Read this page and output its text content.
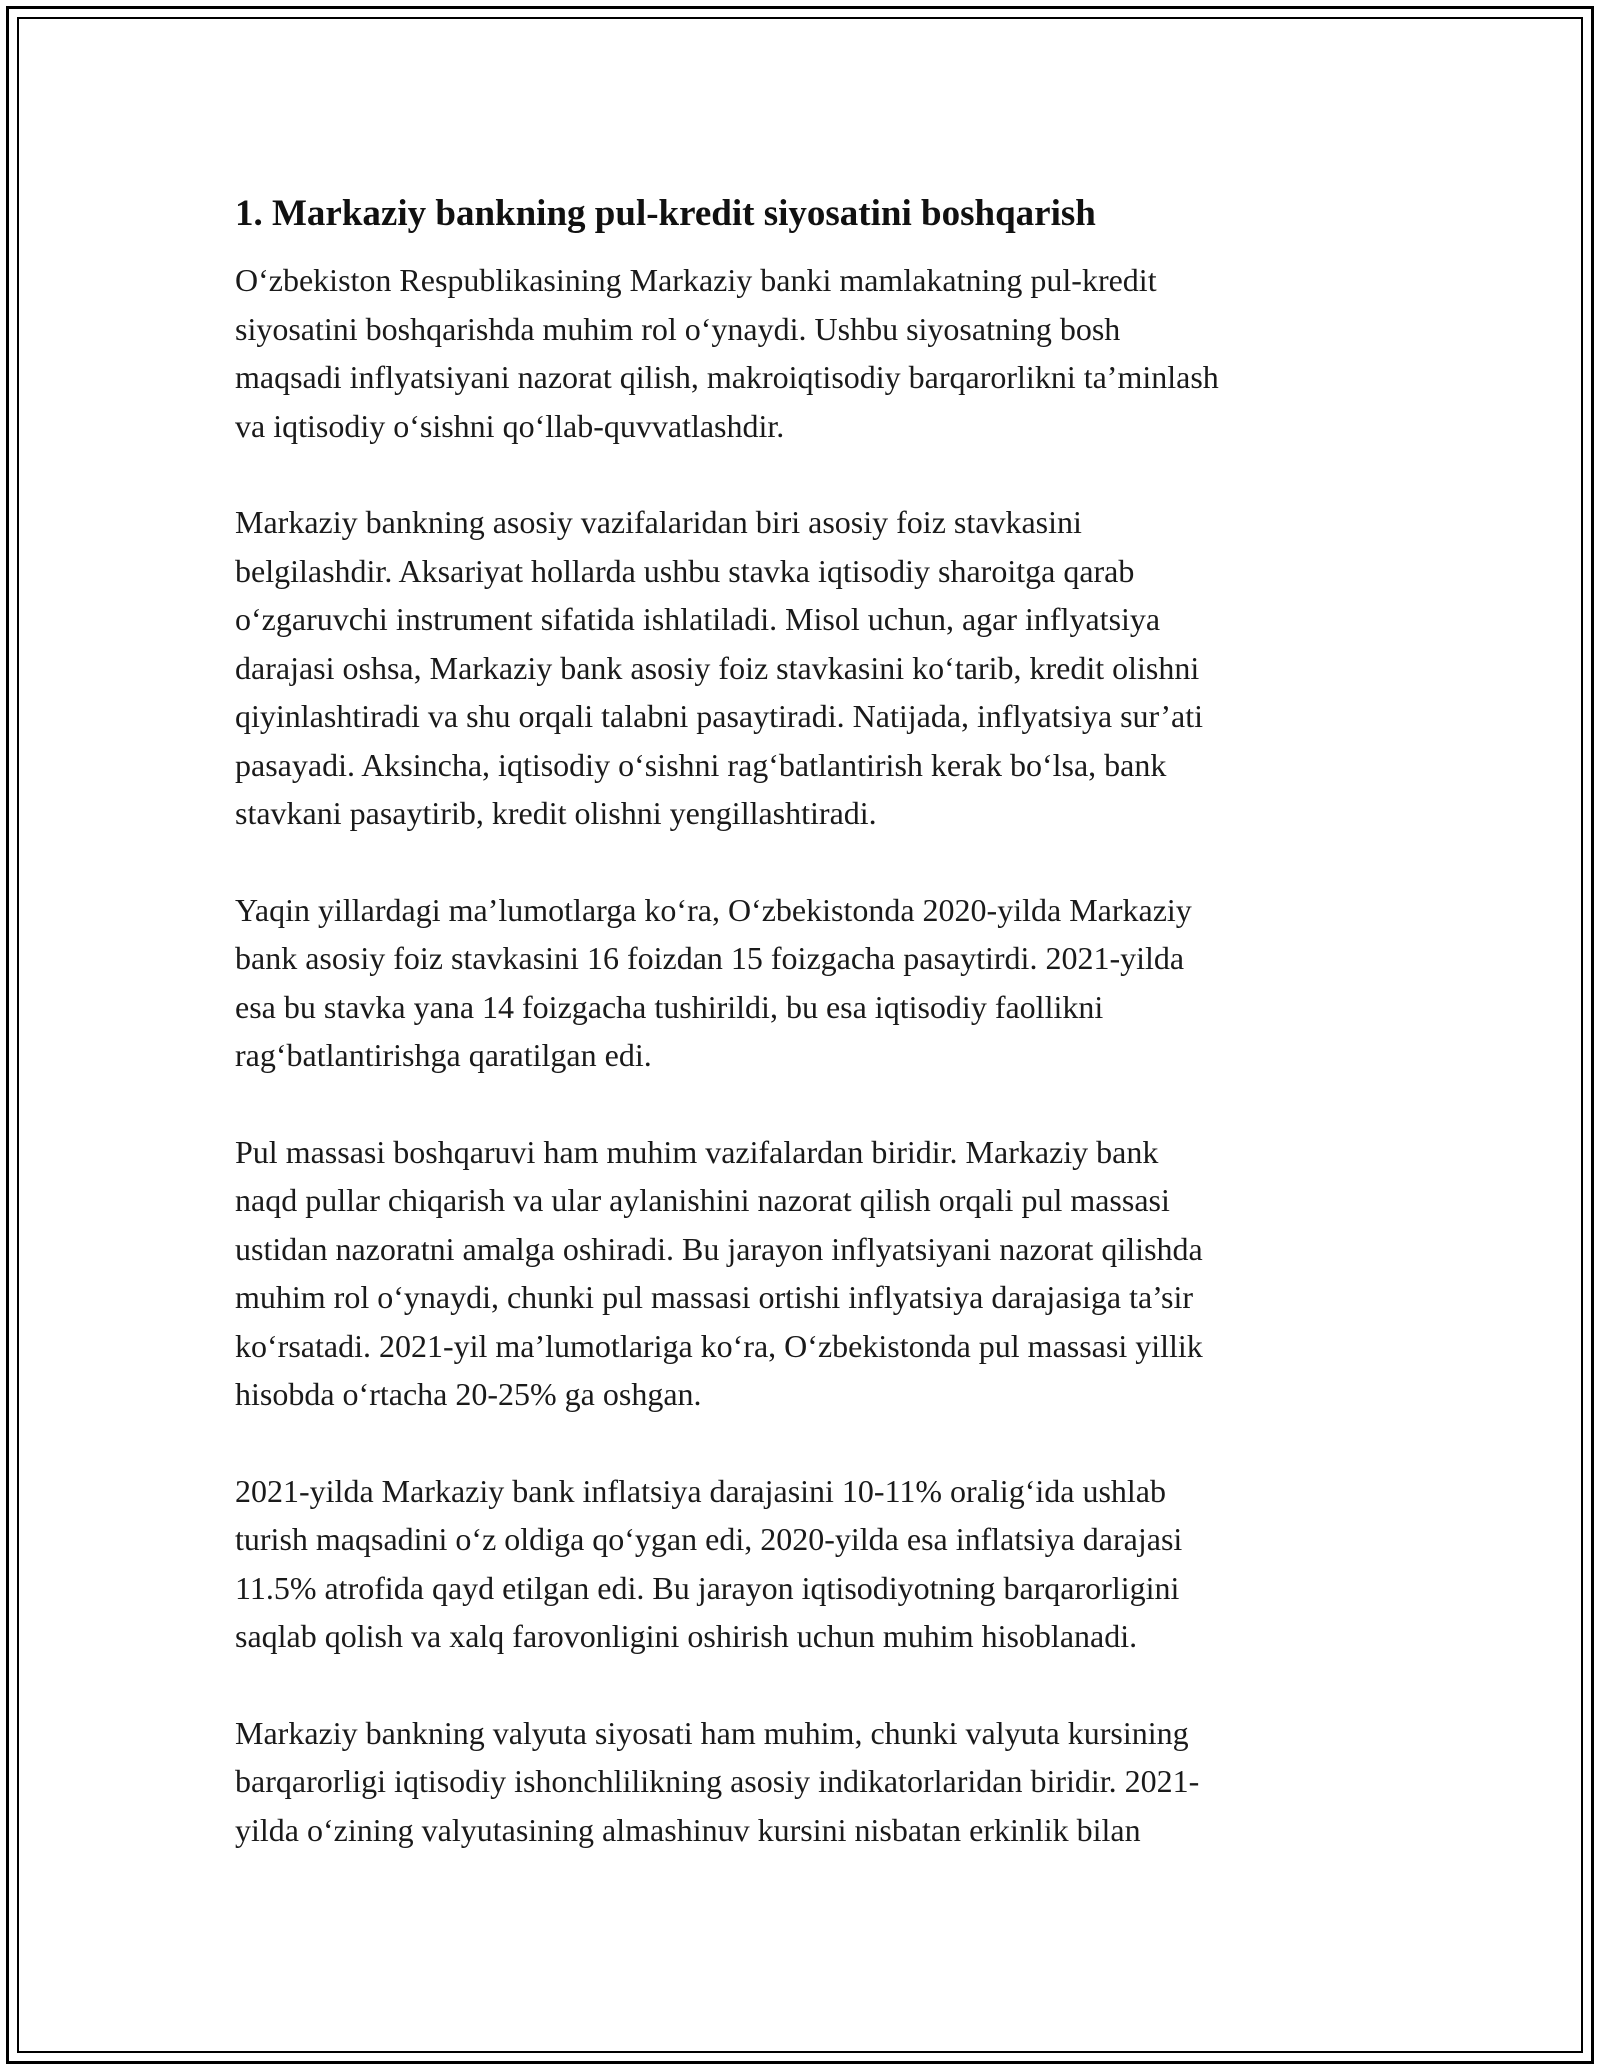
1. Markaziy bankning pul-kredit siyosatini boshqarish

O‘zbekiston Respublikasining Markaziy banki mamlakatning pul-kredit
siyosatini boshqarishda muhim rol o‘ynaydi. Ushbu siyosatning bosh
maqsadi inflyatsiyani nazorat qilish, makroiqtisodiy barqarorlikni ta’minlash
va iqtisodiy o‘sishni qo‘llab-quvvatlashdir.

Markaziy bankning asosiy vazifalaridan biri asosiy foiz stavkasini
belgilashdir. Aksariyat hollarda ushbu stavka iqtisodiy sharoitga qarab
o‘zgaruvchi instrument sifatida ishlatiladi. Misol uchun, agar inflyatsiya
darajasi oshsa, Markaziy bank asosiy foiz stavkasini ko‘tarib, kredit olishni
qiyinlashtiradi va shu orqali talabni pasaytiradi. Natijada, inflyatsiya sur’ati
pasayadi. Aksincha, iqtisodiy o‘sishni rag‘batlantirish kerak bo‘lsa, bank
stavkani pasaytirib, kredit olishni yengillashtiradi.

Yaqin yillardagi ma’lumotlarga ko‘ra, O‘zbekistonda 2020-yilda Markaziy
bank asosiy foiz stavkasini 16 foizdan 15 foizgacha pasaytirdi. 2021-yilda
esa bu stavka yana 14 foizgacha tushirildi, bu esa iqtisodiy faollikni
rag‘batlantirishga qaratilgan edi.

Pul massasi boshqaruvi ham muhim vazifalardan biridir. Markaziy bank
naqd pullar chiqarish va ular aylanishini nazorat qilish orqali pul massasi
ustidan nazoratni amalga oshiradi. Bu jarayon inflyatsiyani nazorat qilishda
muhim rol o‘ynaydi, chunki pul massasi ortishi inflyatsiya darajasiga ta’sir
ko‘rsatadi. 2021-yil ma’lumotlariga ko‘ra, O‘zbekistonda pul massasi yillik
hisobda o‘rtacha 20-25% ga oshgan.

2021-yilda Markaziy bank inflatsiya darajasini 10-11% oralig‘ida ushlab
turish maqsadini o‘z oldiga qo‘ygan edi, 2020-yilda esa inflatsiya darajasi
11.5% atrofida qayd etilgan edi. Bu jarayon iqtisodiyotning barqarorligini
saqlab qolish va xalq farovonligini oshirish uchun muhim hisoblanadi.

Markaziy bankning valyuta siyosati ham muhim, chunki valyuta kursining
barqarorligi iqtisodiy ishonchlilikning asosiy indikatorlaridan biridir. 2021-
yilda o‘zining valyutasining almashinuv kursini nisbatan erkinlik bilan
